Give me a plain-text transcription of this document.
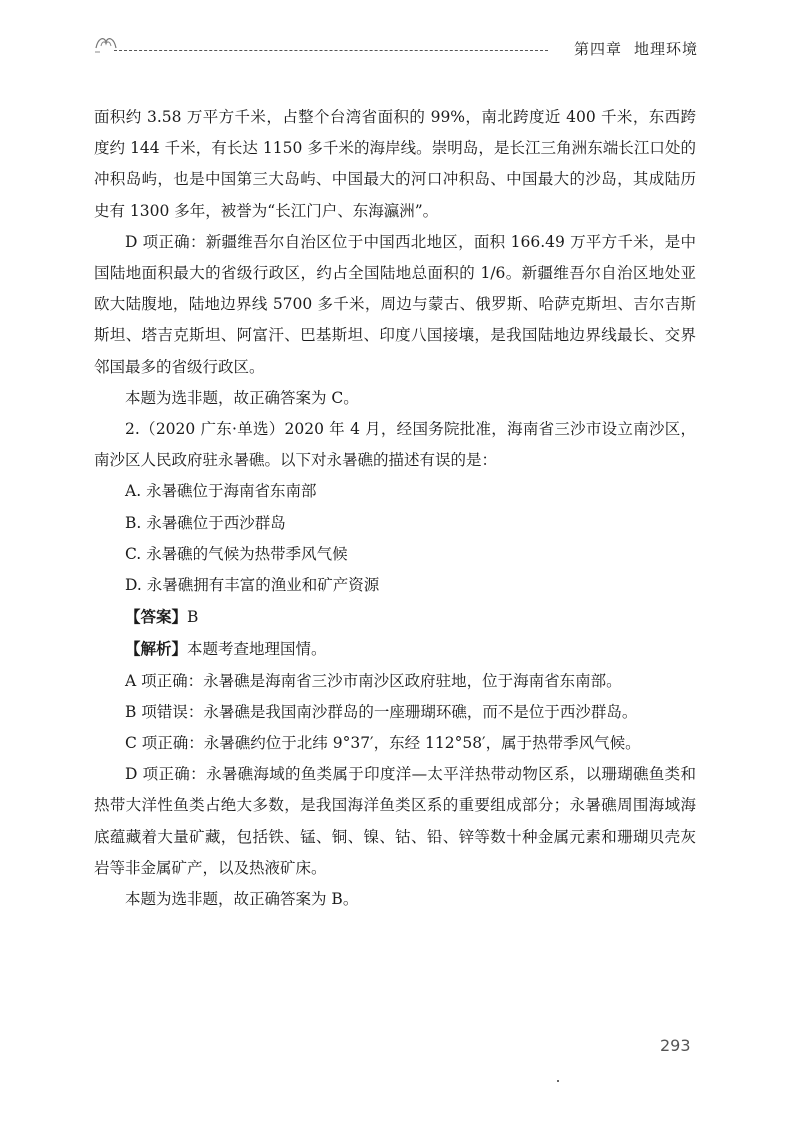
第四章 地理环境

面积约 3.58 万平方千米，占整个台湾省面积的 99%，南北跨度近 400 千米，东西跨度约 144 千米，有长达 1150 多千米的海岸线。崇明岛，是长江三角洲东端长江口处的冲积岛屿，也是中国第三大岛屿、中国最大的河口冲积岛、中国最大的沙岛，其成陆历史有 1300 多年，被誉为“长江门户、东海瀛洲”。

D 项正确：新疆维吾尔自治区位于中国西北地区，面积 166.49 万平方千米，是中国陆地面积最大的省级行政区，约占全国陆地总面积的 1/6。新疆维吾尔自治区地处亚欧大陆腹地，陆地边界线 5700 多千米，周边与蒙古、俄罗斯、哈萨克斯坦、吉尔吉斯斯坦、塔吉克斯坦、阿富汗、巴基斯坦、印度八国接壤，是我国陆地边界线最长、交界邻国最多的省级行政区。

本题为选非题，故正确答案为 C。

2.（2020 广东·单选）2020 年 4 月，经国务院批准，海南省三沙市设立南沙区，南沙区人民政府驻永暑礁。以下对永暑礁的描述有误的是：

A. 永暑礁位于海南省东南部

B. 永暑礁位于西沙群岛

C. 永暑礁的气候为热带季风气候

D. 永暑礁拥有丰富的渔业和矿产资源

【答案】B

【解析】本题考查地理国情。

A 项正确：永暑礁是海南省三沙市南沙区政府驻地，位于海南省东南部。

B 项错误：永暑礁是我国南沙群岛的一座珊瑚环礁，而不是位于西沙群岛。

C 项正确：永暑礁约位于北纬 9°37′，东经 112°58′，属于热带季风气候。

D 项正确：永暑礁海域的鱼类属于印度洋—太平洋热带动物区系，以珊瑚礁鱼类和热带大洋性鱼类占绝大多数，是我国海洋鱼类区系的重要组成部分；永暑礁周围海域海底蕴藏着大量矿藏，包括铁、锰、铜、镍、钴、铅、锌等数十种金属元素和珊瑚贝壳灰岩等非金属矿产，以及热液矿床。

本题为选非题，故正确答案为 B。

293
